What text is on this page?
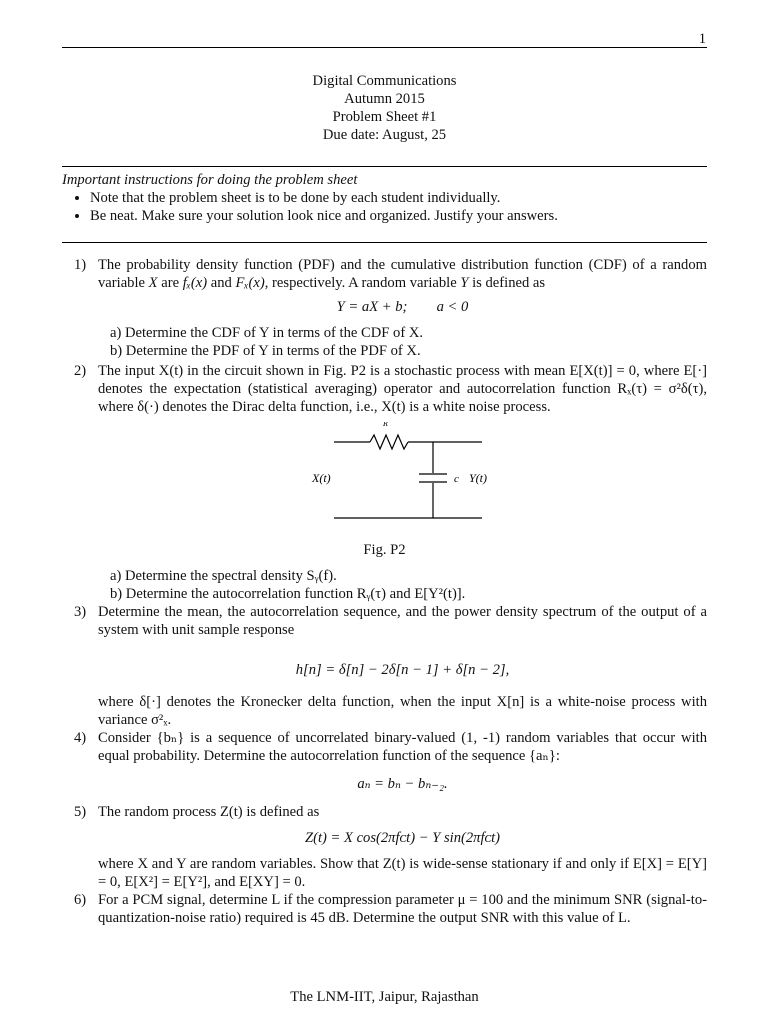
1
Digital Communications
Autumn 2015
Problem Sheet #1
Due date: August, 25
Important instructions for doing the problem sheet
• Note that the problem sheet is to be done by each student individually.
• Be neat. Make sure your solution look nice and organized. Justify your answers.
1) The probability density function (PDF) and the cumulative distribution function (CDF) of a random variable X are fₓ(x) and Fₓ(x), respectively. A random variable Y is defined as
Y = aX + b;        a < 0
a) Determine the CDF of Y in terms of the CDF of X.
b) Determine the PDF of Y in terms of the PDF of X.
2) The input X(t) in the circuit shown in Fig. P2 is a stochastic process with mean E[X(t)] = 0, where E[·] denotes the expectation (statistical averaging) operator and autocorrelation function Rₓ(τ) = σ²δ(τ), where δ(·) denotes the Dirac delta function, i.e., X(t) is a white noise process.
R
X(t)	c Y(t)
Fig. P2
a) Determine the spectral density Sᵧ(f).
b) Determine the autocorrelation function Rᵧ(τ) and E[Y²(t)].
3) Determine the mean, the autocorrelation sequence, and the power density spectrum of the output of a system with unit sample response
h[n] = δ[n] − 2δ[n − 1] + δ[n − 2],
where δ[·] denotes the Kronecker delta function, when the input X[n] is a white-noise process with variance σ²ₓ.
4) Consider {bₙ} is a sequence of uncorrelated binary-valued (1, -1) random variables that occur with equal probability. Determine the autocorrelation function of the sequence {aₙ}:
aₙ = bₙ − bₙ₋₂.
5) The random process Z(t) is defined as
Z(t) = X cos(2πfᴄt) − Y sin(2πfᴄt)
where X and Y are random variables. Show that Z(t) is wide-sense stationary if and only if E[X] = E[Y] = 0, E[X²] = E[Y²], and E[XY] = 0.
6) For a PCM signal, determine L if the compression parameter μ = 100 and the minimum SNR (signal-to-quantization-noise ratio) required is 45 dB. Determine the output SNR with this value of L.
The LNM-IIT, Jaipur, Rajasthan
